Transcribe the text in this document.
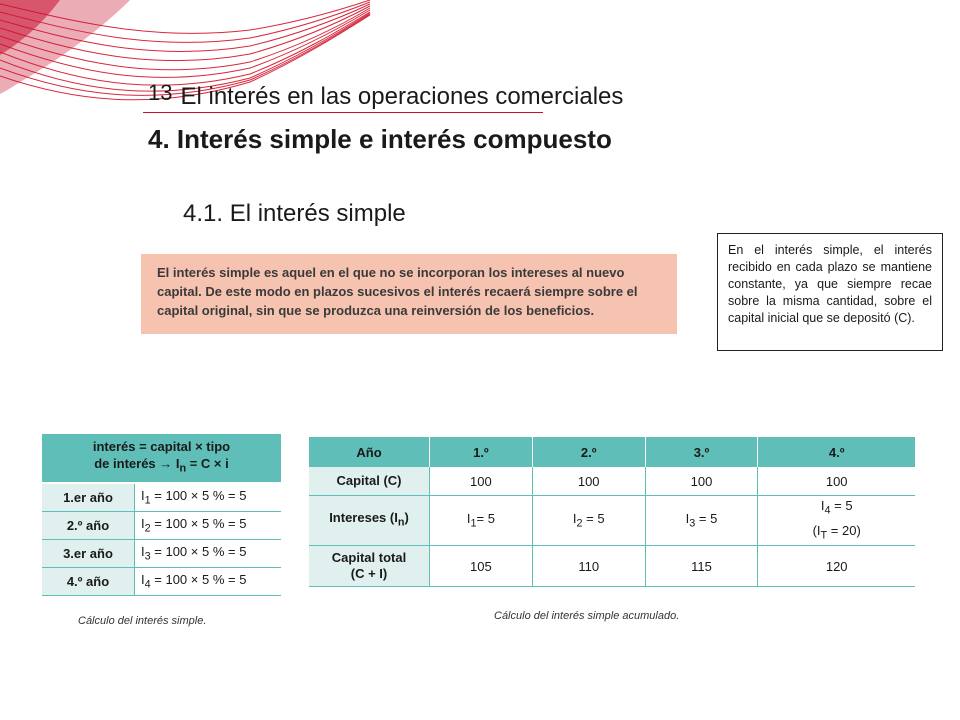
13 El interés en las operaciones comerciales
4. Interés simple e interés compuesto
4.1. El interés simple
El interés simple es aquel en el que no se incorporan los intereses al nuevo capital. De este modo en plazos sucesivos el interés recaerá siempre sobre el capital original, sin que se produzca una reinversión de los beneficios.
En el interés simple, el interés recibido en cada plazo se mantiene constante, ya que siempre recae sobre la misma cantidad, sobre el capital inicial que se depositó (C).
interés = capital × tipo
de interés → $I_n = C \times i$	
1.er año	$I_1 = 100 \times 5$ % = 5
2.º año	$I_2 = 100 \times 5$ % = 5
3.er año	$I_3 = 100 \times 5$ % = 5
4.º año	$I_4 = 100 \times 5$ % = 5
Cálculo del interés simple.
Año	1.º	2.º	3.º	4.º
Capital (C)	100	100	100	100
Intereses $(I_n)$	$I_1= 5$	$I_2 = 5$	$I_3 = 5$	$I_4 = 5$
$(I_T = 20)$
Capital total
(C + I)	105	110	115	120
Cálculo del interés simple acumulado.
